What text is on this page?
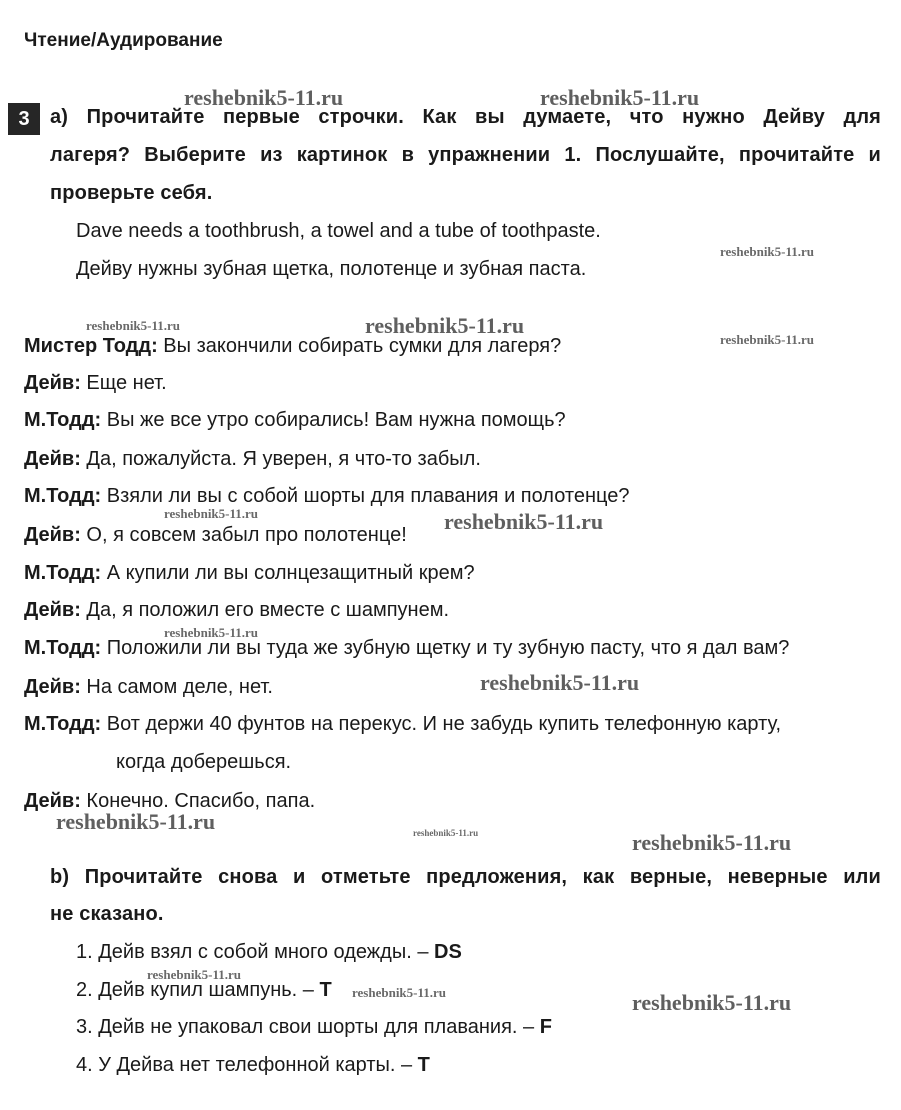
Чтение/Аудирование
3	a) Прочитайте первые строчки. Как вы думаете, что нужно Дейву для
лагеря? Выберите из картинок в упражнении 1. Послушайте, прочитайте и
проверьте себя.
Dave needs a toothbrush, a towel and a tube of toothpaste.
Дейву нужны зубная щетка, полотенце и зубная паста.
Мистер Тодд: Вы закончили собирать сумки для лагеря?
Дейв: Еще нет.
М.Тодд: Вы же все утро собирались! Вам нужна помощь?
Дейв: Да, пожалуйста. Я уверен, я что-то забыл.
М.Тодд: Взяли ли вы с собой шорты для плавания и полотенце?
Дейв: О, я совсем забыл про полотенце!
М.Тодд: А купили ли вы солнцезащитный крем?
Дейв: Да, я положил его вместе с шампунем.
М.Тодд: Положили ли вы туда же зубную щетку и ту зубную пасту, что я дал вам?
Дейв: На самом деле, нет.
М.Тодд: Вот держи 40 фунтов на перекус. И не забудь купить телефонную карту,
когда доберешься.
Дейв: Конечно. Спасибо, папа.
b) Прочитайте снова и отметьте предложения, как верные, неверные или
не сказано.
1. Дейв взял с собой много одежды. – DS
2. Дейв купил шампунь. – T
3. Дейв не упаковал свои шорты для плавания. – F
4. У Дейва нет телефонной карты. – T
reshebnik5-11.ru	reshebnik5-11.ru
reshebnik5-11.ru
reshebnik5-11.ru	reshebnik5-11.ru
reshebnik5-11.ru
reshebnik5-11.ru	reshebnik5-11.ru
reshebnik5-11.ru
reshebnik5-11.ru
reshebnik5-11.ru	reshebnik5-11.ru	reshebnik5-11.ru
reshebnik5-11.ru
reshebnik5-11.ru	reshebnik5-11.ru
